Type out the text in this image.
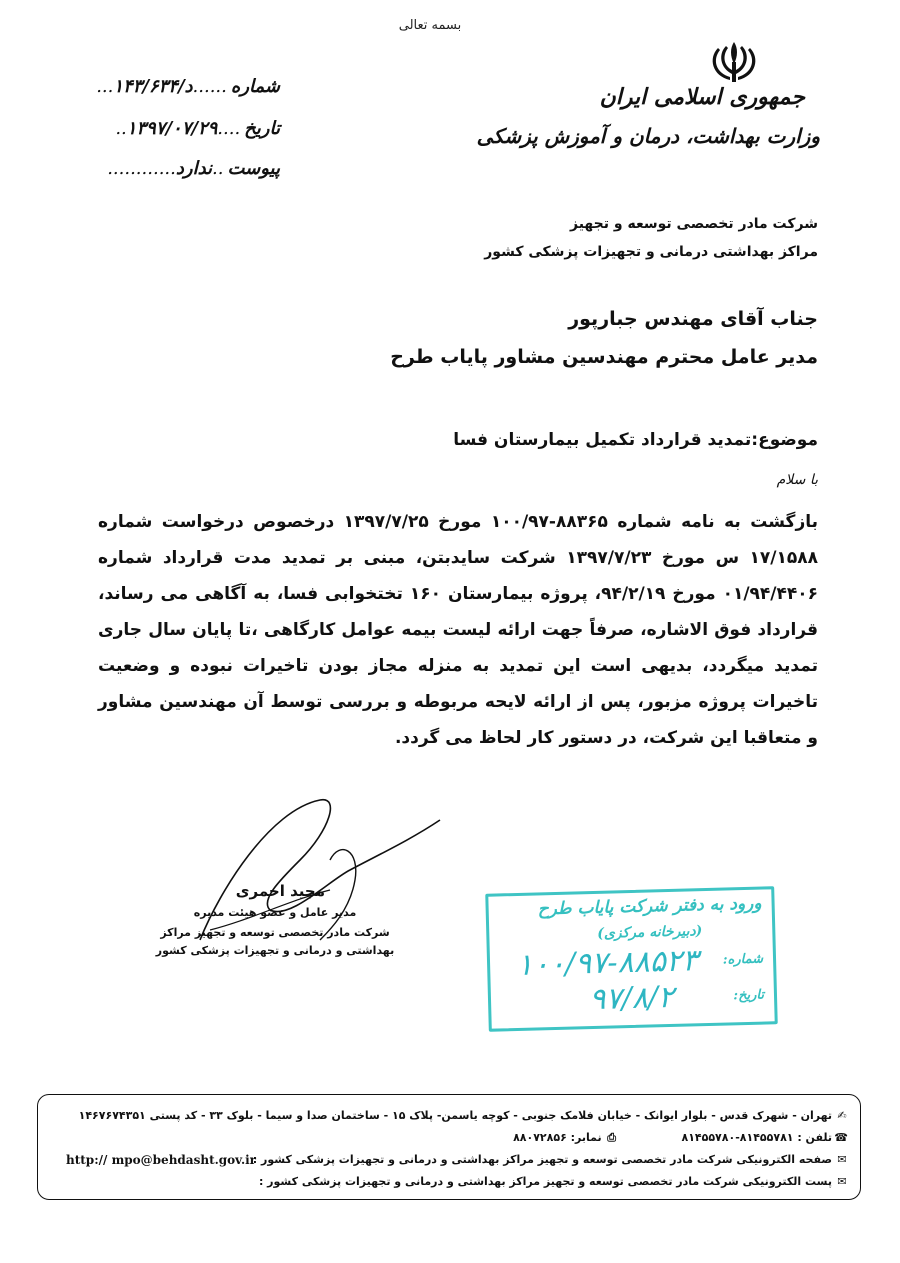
بسمه تعالی
جمهوری اسلامی ایران
وزارت بهداشت، درمان و آموزش پزشکی
شماره......د/۱۴۳/۶۳۴...
تاریخ....۱۳۹۷/۰۷/۲۹..
پیوست..ندارد............
شرکت مادر تخصصی توسعه و تجهیز
مراکز بهداشتی درمانی و تجهیزات پزشکی کشور
جناب آقای مهندس جبارپور
مدیر عامل محترم مهندسین مشاور پایاب طرح
موضوع:تمدید قرارداد تکمیل بیمارستان فسا
با سلام

بازگشت به نامه شماره ۸۸۳۶۵-۱۰۰/۹۷ مورخ ۱۳۹۷/۷/۲۵ درخصوص درخواست شماره ۱۷/۱۵۸۸ س مورخ ۱۳۹۷/۷/۲۳ شرکت سایدبتن، مبنی بر تمدید مدت قرارداد شماره ۰۱/۹۴/۴۴۰۶ مورخ ۹۴/۲/۱۹، پروژه بیمارستان ۱۶۰ تختخوابی فسا، به آگاهی می رساند، قرارداد فوق الاشاره، صرفاً جهت ارائه لیست بیمه عوامل کارگاهی ،تا پایان سال جاری تمدید میگردد، بدیهی است این تمدید به منزله مجاز بودن تاخیرات نبوده و وضعیت تاخیرات پروژه مزبور، پس از ارائه لایحه مربوطه و بررسی توسط آن مهندسین مشاور و متعاقبا این شرکت، در دستور کار لحاظ می گردد.

مجید احمری
مدیر عامل و عضو هیئت مدیره
شرکت مادر تخصصی توسعه و تجهیز مراکز
بهداشتی و درمانی و تجهیزات پزشکی کشور
ورود به دفتر شرکت پایاب طرح
(دبیرخانه مرکزی)
شماره:
۱۰۰/۹۷-۸۸۵۲۳
تاریخ:
۹۷/۸/۲
✍تهران - شهرک قدس - بلوار ایوانک - خیابان فلامک جنوبی - کوچه یاسمن- پلاک ۱۵ - ساختمان صدا و سیما - بلوک ۳۳ - کد پستی ۱۴۶۷۶۷۴۳۵۱
☎تلفن : ۸۱۴۵۵۷۸۱-۸۱۴۵۵۷۸۰ ⎙نمابر: ۸۸۰۷۲۸۵۶
✉صفحه الکترونیکی شرکت مادر تخصصی توسعه و تجهیز مراکز بهداشتی و درمانی و تجهیزات پزشکی کشور :
http:// mpo@behdasht.gov.ir
✉پست الکترونیکی شرکت مادر تخصصی توسعه و تجهیز مراکز بهداشتی و درمانی و تجهیزات پزشکی کشور :
